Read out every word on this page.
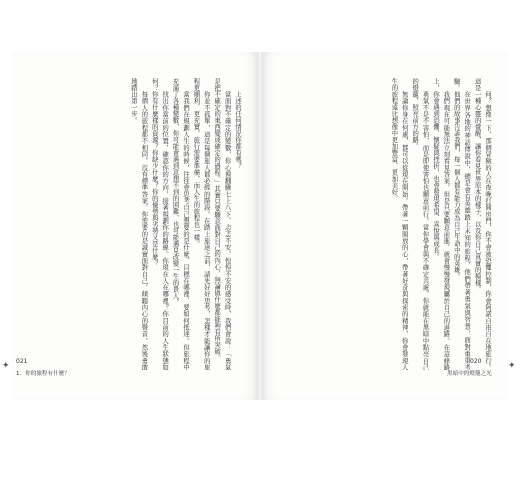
上述的任何情況你都有嗎？

當面對不確定的變數，你心裡翻騰七上八下、忐忑不安、惶惶不安的感受時，我們會說：「勇氣是把不確定的東西變成確定的過程。」其實只要願意面對自己的內心，無論做什麼都能夠有所突破。

你並不孤單，這是每個旅人都必經的階段。在踏上旅途之前，請先好好思考，怎樣才能讓你的旅程更順利、更充實。旅行需要準備，而人生的旅程也一樣。

當我們在規劃人生的時候，往往會思考自己想要的是什麼、目標在哪裡、要如何抵達。但旅程中充滿了各種變數，你可能會遇到意想不到的困難，也可能遇見改變一生的貴人。

找出你當前的位置，確認你的方向，接著規劃你的路線。你現在人在哪裡？你目前的人生狀態如何？你有什麼樣的資源？你缺少什麼？你的優勢與劣勢又是什麼？

每個人的旅程都不相同，沒有標準答案。你需要的是誠實面對自己，傾聽內心的聲音，然後勇敢地踏出第一步。	何？想像一下，那個冒險的人在夜晚打開房門，你不會被恐懼控制，你會阿諾自由自在地旅行。這是一種心靈的覺醒，讓你看見世界原本的樣子，以及你自己真實的模樣。

在世界各地的神話傳說中，總是會有英雄踏上未知的旅程，他們帶著勇氣與智慧，面對重重考驗。他們的故事告訴我們，每一個人都有能力成為自己生命中的英雄。

我們現在可能無法立刻看見答案，但是只要願意前進，就會慢慢發現屬於自己的道路。在這條路上，你會遇到恐懼、懷疑與挫折，也會發現希望、喜悅與成長。

勇氣不是不害怕，而是即使害怕也願意前行。當你學會與不確定共處，你就能在黑暗中點亮自己的燈籠，照亮前方的路。

無論你身在何處，都可以從現在開始。帶著一顆開放的心，帶著好奇與探索的精神，你會發現人生的旅程遠比想像中更加豐富、更加美好。

021
1．你的旅程有什麼？
020
黑暗中的燈籠之光
✦	✦
